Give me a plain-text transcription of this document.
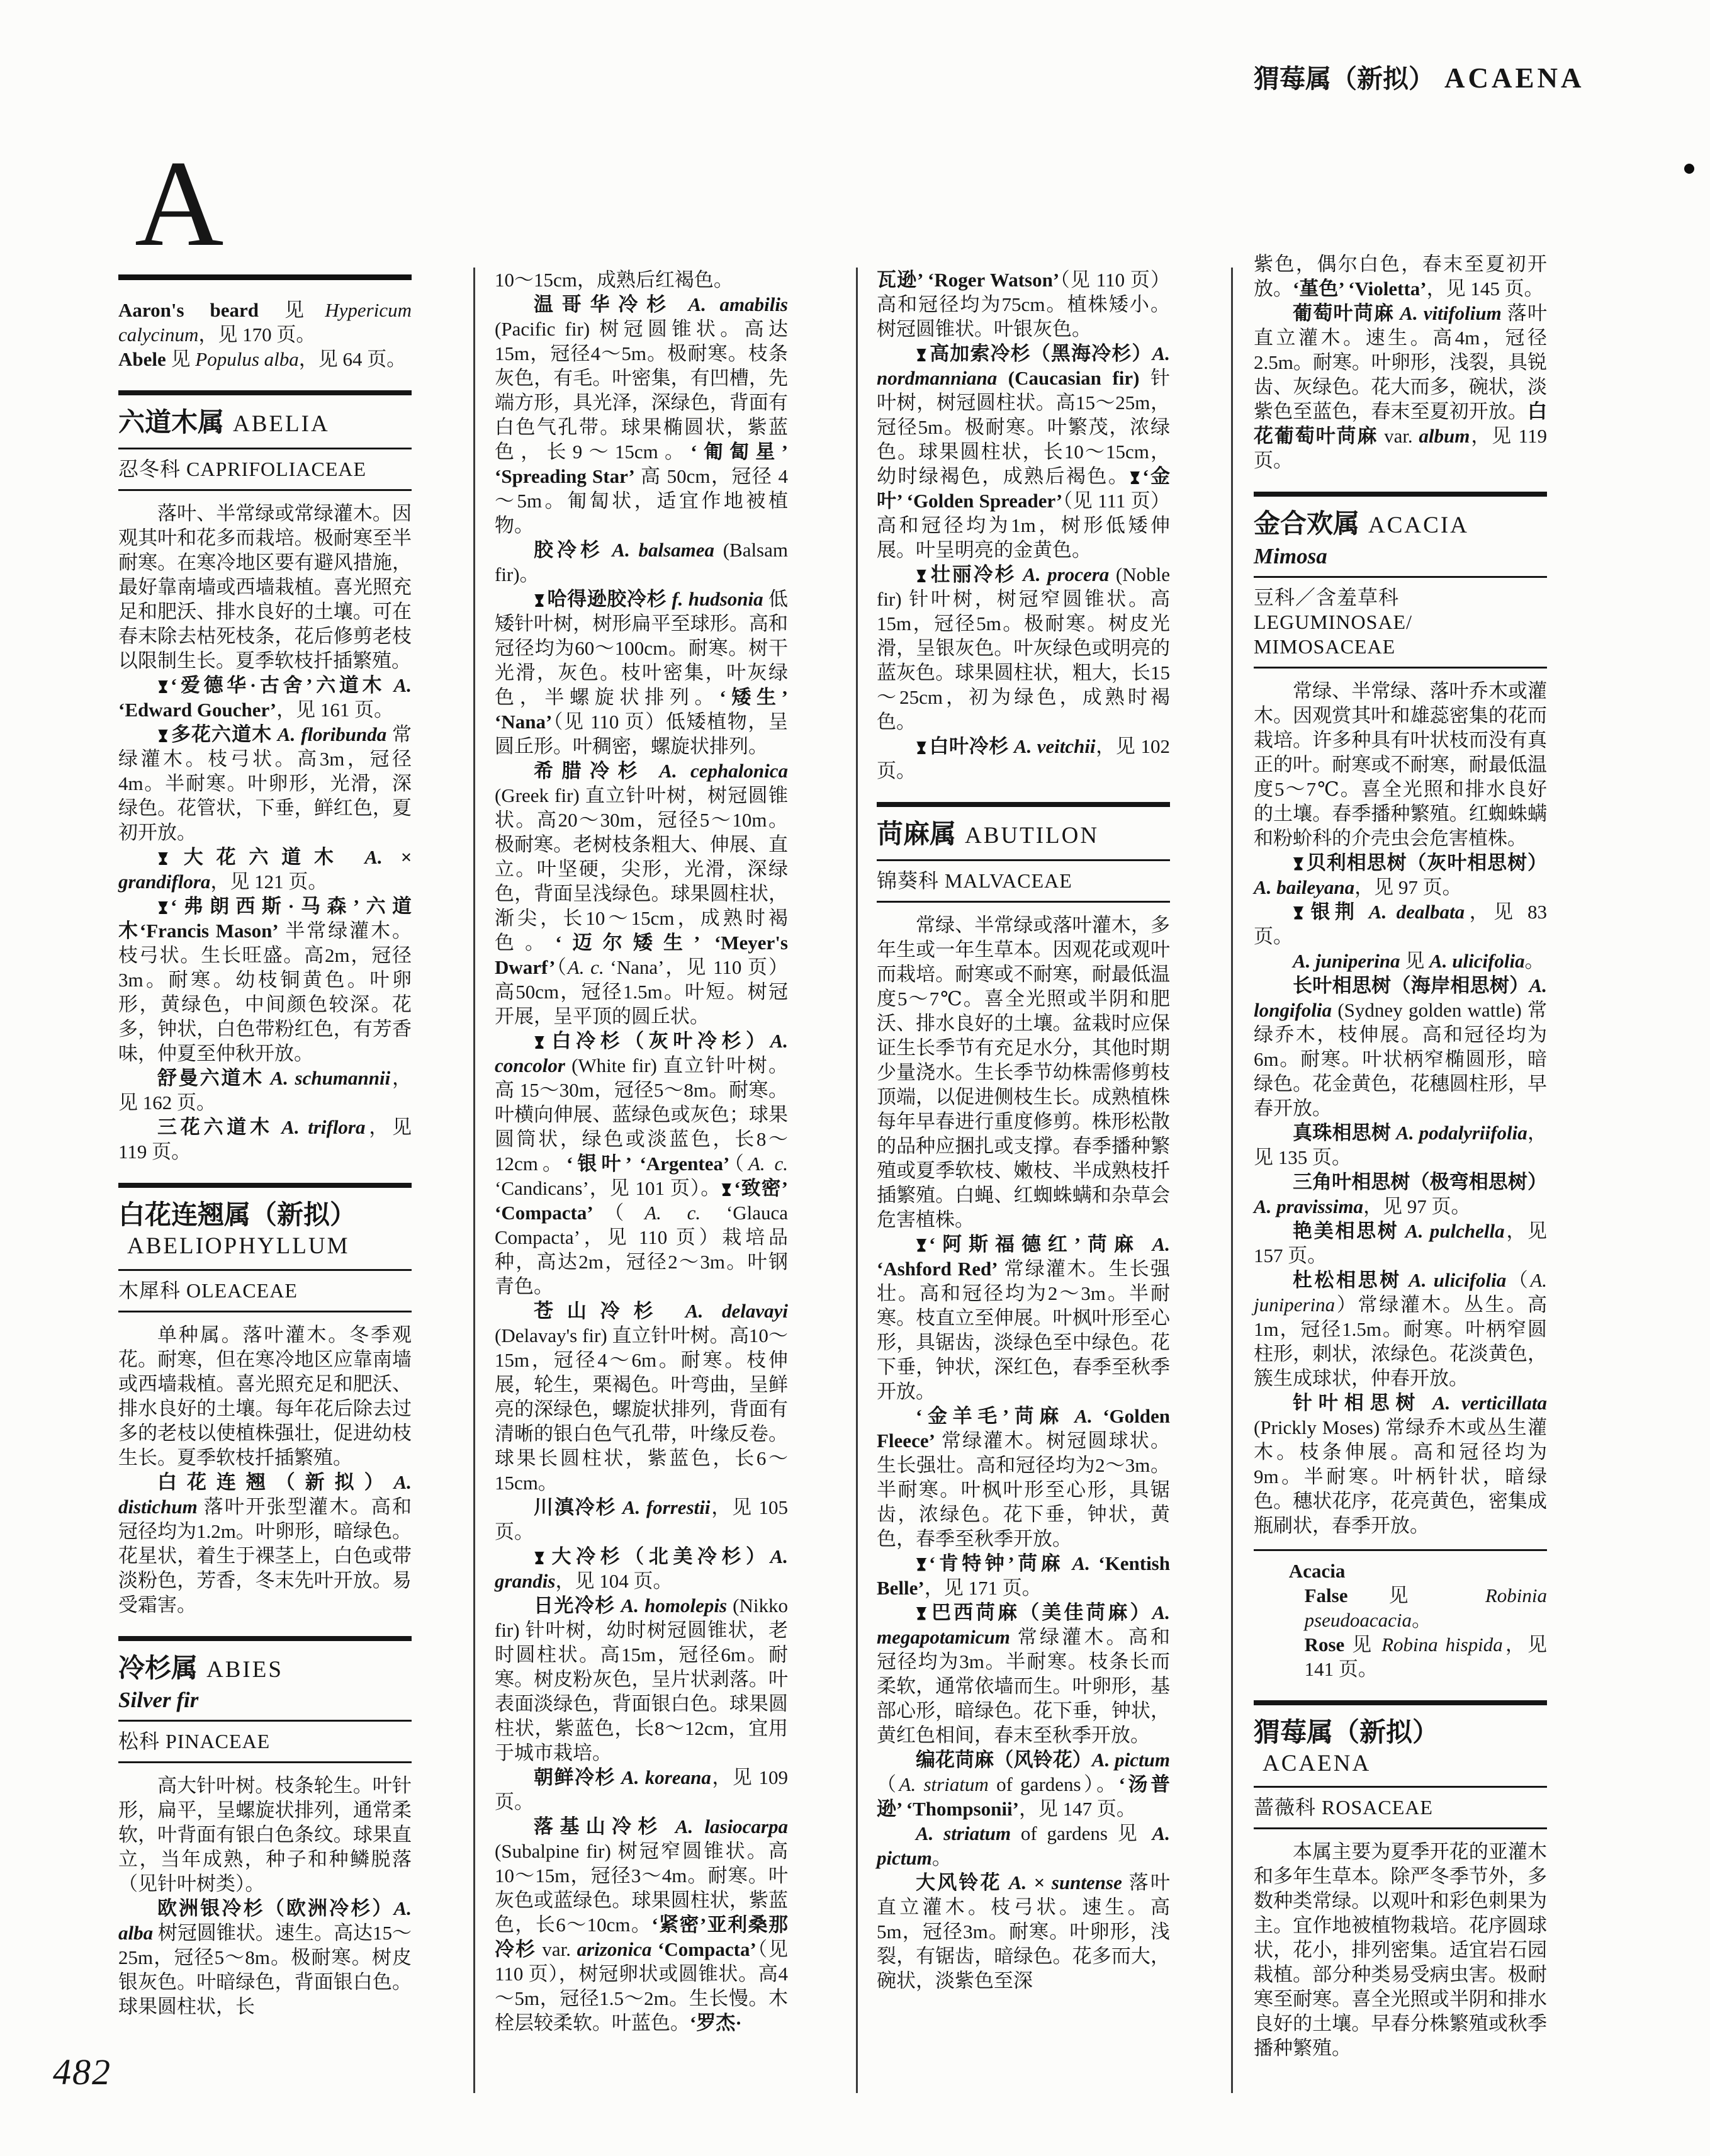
猬莓属（新拟） ACAENA
A
Aaron's beard 见Hypericum calycinum，见 170 页。
Abele 见 Populus alba，见 64 页。
六道木属 ABELIA
忍冬科 CAPRIFOLIACEAE
落叶、半常绿或常绿灌木。因观其叶和花多而栽培。极耐寒至半耐寒。在寒冷地区要有避风措施，最好靠南墙或西墙栽植。喜光照充足和肥沃、排水良好的土壤。可在春末除去枯死枝条，花后修剪老枝以限制生长。夏季软枝扦插繁殖。
‘爱德华·古舍’六道木 A. ‘Edward Goucher’，见 161 页。
多花六道木 A. floribunda 常绿灌木。枝弓状。高3m，冠径4m。半耐寒。叶卵形，光滑，深绿色。花管状，下垂，鲜红色，夏初开放。
大花六道木 A. × grandiflora，见 121 页。
‘弗朗西斯·马森’六道木‘Francis Mason’ 半常绿灌木。枝弓状。生长旺盛。高2m，冠径3m。耐寒。幼枝铜黄色。叶卵形，黄绿色，中间颜色较深。花多，钟状，白色带粉红色，有芳香味，仲夏至仲秋开放。
舒曼六道木 A. schumannii，见 162 页。
三花六道木 A. triflora，见 119 页。
白花连翘属（新拟）ABELIOPHYLLUM
木犀科 OLEACEAE
单种属。落叶灌木。冬季观花。耐寒，但在寒冷地区应靠南墙或西墙栽植。喜光照充足和肥沃、排水良好的土壤。每年花后除去过多的老枝以使植株强壮，促进幼枝生长。夏季软枝扦插繁殖。
白花连翘（新拟）A. distichum 落叶开张型灌木。高和冠径均为1.2m。叶卵形，暗绿色。花星状，着生于裸茎上，白色或带淡粉色，芳香，冬末先叶开放。易受霜害。
冷杉属 ABIES
Silver fir
松科 PINACEAE
高大针叶树。枝条轮生。叶针形，扁平，呈螺旋状排列，通常柔软，叶背面有银白色条纹。球果直立，当年成熟，种子和种鳞脱落（见针叶树类）。
欧洲银冷杉（欧洲冷杉）A. alba 树冠圆锥状。速生。高达15～25m，冠径5～8m。极耐寒。树皮银灰色。叶暗绿色，背面银白色。球果圆柱状，长
10～15cm，成熟后红褐色。
温哥华冷杉 A. amabilis (Pacific fir) 树冠圆锥状。高达15m，冠径4～5m。极耐寒。枝条灰色，有毛。叶密集，有凹槽，先端方形，具光泽，深绿色，背面有白色气孔带。球果椭圆状，紫蓝色，长9～15cm。‘匍匐星’ ‘Spreading Star’ 高 50cm，冠径 4～5m。匍匐状，适宜作地被植物。
胶冷杉 A. balsamea (Balsam fir)。
哈得逊胶冷杉 f. hudsonia 低矮针叶树，树形扁平至球形。高和冠径均为60～100cm。耐寒。树干光滑，灰色。枝叶密集，叶灰绿色，半螺旋状排列。‘矮生’ ‘Nana’（见 110 页）低矮植物，呈圆丘形。叶稠密，螺旋状排列。
希腊冷杉 A. cephalonica (Greek fir) 直立针叶树，树冠圆锥状。高20～30m，冠径5～10m。极耐寒。老树枝条粗大、伸展、直立。叶坚硬，尖形，光滑，深绿色，背面呈浅绿色。球果圆柱状，渐尖，长10～15cm，成熟时褐色。‘迈尔矮生’ ‘Meyer's Dwarf’（A. c. ‘Nana’，见 110 页）高50cm，冠径1.5m。叶短。树冠开展，呈平顶的圆丘状。
白冷杉（灰叶冷杉）A. concolor (White fir) 直立针叶树。高 15～30m，冠径5～8m。耐寒。叶横向伸展、蓝绿色或灰色；球果圆筒状，绿色或淡蓝色，长8～12cm。‘银叶’ ‘Argentea’（A. c. ‘Candicans’，见 101 页）。 ‘致密’ ‘Compacta’（A. c. ‘Glauca Compacta’，见 110 页）栽培品种，高达2m，冠径2～3m。叶钢青色。
苍山冷杉 A. delavayi (Delavay's fir) 直立针叶树。高10～15m，冠径4～6m。耐寒。枝伸展，轮生，栗褐色。叶弯曲，呈鲜亮的深绿色，螺旋状排列，背面有清晰的银白色气孔带，叶缘反卷。球果长圆柱状，紫蓝色，长6～15cm。
川滇冷杉 A. forrestii，见 105 页。
大冷杉（北美冷杉）A. grandis，见 104 页。
日光冷杉 A. homolepis (Nikko fir) 针叶树，幼时树冠圆锥状，老时圆柱状。高15m，冠径6m。耐寒。树皮粉灰色，呈片状剥落。叶表面淡绿色，背面银白色。球果圆柱状，紫蓝色，长8～12cm，宜用于城市栽培。
朝鲜冷杉 A. koreana，见 109 页。
落基山冷杉 A. lasiocarpa (Subalpine fir) 树冠窄圆锥状。高10～15m，冠径3～4m。耐寒。叶灰色或蓝绿色。球果圆柱状，紫蓝色，长6～10cm。‘紧密’亚利桑那冷杉 var. arizonica ‘Compacta’（见 110 页），树冠卵状或圆锥状。高4～5m，冠径1.5～2m。生长慢。木栓层较柔软。叶蓝色。‘罗杰·
瓦逊’ ‘Roger Watson’（见 110 页）高和冠径均为75cm。植株矮小。树冠圆锥状。叶银灰色。
高加索冷杉（黑海冷杉）A. nordmanniana (Caucasian fir) 针叶树，树冠圆柱状。高15～25m，冠径5m。极耐寒。叶繁茂，浓绿色。球果圆柱状，长10～15cm，幼时绿褐色，成熟后褐色。 ‘金叶’ ‘Golden Spreader’（见 111 页）高和冠径均为1m，树形低矮伸展。叶呈明亮的金黄色。
壮丽冷杉 A. procera (Noble fir) 针叶树，树冠窄圆锥状。高15m，冠径5m。极耐寒。树皮光滑，呈银灰色。叶灰绿色或明亮的蓝灰色。球果圆柱状，粗大，长15～25cm，初为绿色，成熟时褐色。
白叶冷杉 A. veitchii，见 102 页。
苘麻属 ABUTILON
锦葵科 MALVACEAE
常绿、半常绿或落叶灌木，多年生或一年生草本。因观花或观叶而栽培。耐寒或不耐寒，耐最低温度5～7℃。喜全光照或半阴和肥沃、排水良好的土壤。盆栽时应保证生长季节有充足水分，其他时期少量浇水。生长季节幼株需修剪枝顶端，以促进侧枝生长。成熟植株每年早春进行重度修剪。株形松散的品种应捆扎或支撑。春季播种繁殖或夏季软枝、嫩枝、半成熟枝扦插繁殖。白蝇、红蜘蛛螨和杂草会危害植株。
‘阿斯福德红’苘麻 A. ‘Ashford Red’ 常绿灌木。生长强壮。高和冠径均为2～3m。半耐寒。枝直立至伸展。叶枫叶形至心形，具锯齿，淡绿色至中绿色。花下垂，钟状，深红色，春季至秋季开放。
‘金羊毛’苘麻 A. ‘Golden Fleece’ 常绿灌木。树冠圆球状。生长强壮。高和冠径均为2～3m。半耐寒。叶枫叶形至心形，具锯齿，浓绿色。花下垂，钟状，黄色，春季至秋季开放。
‘肯特钟’苘麻 A. ‘Kentish Belle’，见 171 页。
巴西苘麻（美佳苘麻）A. megapotamicum 常绿灌木。高和冠径均为3m。半耐寒。枝条长而柔软，通常依墙而生。叶卵形，基部心形，暗绿色。花下垂，钟状，黄红色相间，春末至秋季开放。
编花苘麻（风铃花）A. pictum（A. striatum of gardens）。‘汤普逊’ ‘Thompsonii’，见 147 页。
A. striatum of gardens 见 A. pictum。
大风铃花 A. × suntense 落叶直立灌木。枝弓状。速生。高5m，冠径3m。耐寒。叶卵形，浅裂，有锯齿，暗绿色。花多而大，碗状，淡紫色至深
紫色，偶尔白色，春末至夏初开放。‘堇色’ ‘Violetta’，见 145 页。
葡萄叶苘麻 A. vitifolium 落叶直立灌木。速生。高4m，冠径2.5m。耐寒。叶卵形，浅裂，具锐齿、灰绿色。花大而多，碗状，淡紫色至蓝色，春末至夏初开放。白花葡萄叶苘麻 var. album，见 119 页。
金合欢属 ACACIA
Mimosa
豆科／含羞草科 LEGUMINOSAE/ MIMOSACEAE
常绿、半常绿、落叶乔木或灌木。因观赏其叶和雄蕊密集的花而栽培。许多种具有叶状枝而没有真正的叶。耐寒或不耐寒，耐最低温度5～7℃。喜全光照和排水良好的土壤。春季播种繁殖。红蜘蛛螨和粉蚧科的介壳虫会危害植株。
贝利相思树（灰叶相思树）A. baileyana，见 97 页。
银荆 A. dealbata，见 83 页。
A. juniperina 见 A. ulicifolia。
长叶相思树（海岸相思树）A. longifolia (Sydney golden wattle) 常绿乔木，枝伸展。高和冠径均为6m。耐寒。叶状柄窄椭圆形，暗绿色。花金黄色，花穗圆柱形，早春开放。
真珠相思树 A. podalyriifolia，见 135 页。
三角叶相思树（极弯相思树）A. pravissima，见 97 页。
艳美相思树 A. pulchella，见 157 页。
杜松相思树 A. ulicifolia（A. juniperina）常绿灌木。丛生。高1m，冠径1.5m。耐寒。叶柄窄圆柱形，刺状，浓绿色。花淡黄色，簇生成球状，仲春开放。
针叶相思树 A. verticillata (Prickly Moses) 常绿乔木或丛生灌木。枝条伸展。高和冠径均为9m。半耐寒。叶柄针状，暗绿色。穗状花序，花亮黄色，密集成瓶刷状，春季开放。
Acacia
False 见 Robinia pseudoacacia。
Rose 见 Robina hispida，见 141 页。
猬莓属（新拟）ACAENA
蔷薇科 ROSACEAE
本属主要为夏季开花的亚灌木和多年生草本。除严冬季节外，多数种类常绿。以观叶和彩色刺果为主。宜作地被植物栽培。花序圆球状，花小，排列密集。适宜岩石园栽植。部分种类易受病虫害。极耐寒至耐寒。喜全光照或半阴和排水良好的土壤。早春分株繁殖或秋季播种繁殖。
482
